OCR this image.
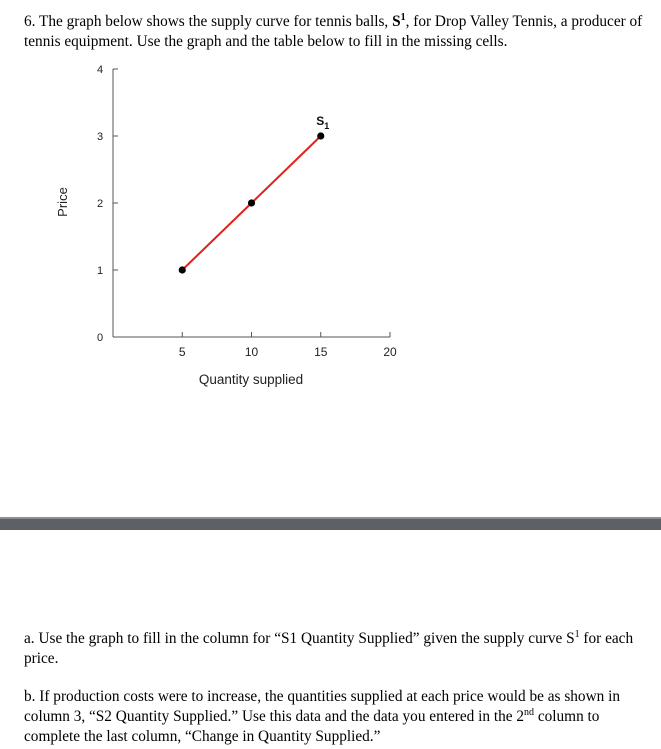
6. The graph below shows the supply curve for tennis balls, $S^1$, for Drop Valley Tennis, a producer of tennis equipment. Use the graph and the table below to fill in the missing cells.

0
1
2
3
4
5	10	15	20
Price
Quantity supplied
$S_1$

a. Use the graph to fill in the column for “S1 Quantity Supplied” given the supply curve $S^1$ for each price.

b. If production costs were to increase, the quantities supplied at each price would be as shown in column 3, “S2 Quantity Supplied.” Use this data and the data you entered in the 2nd column to complete the last column, “Change in Quantity Supplied.”
